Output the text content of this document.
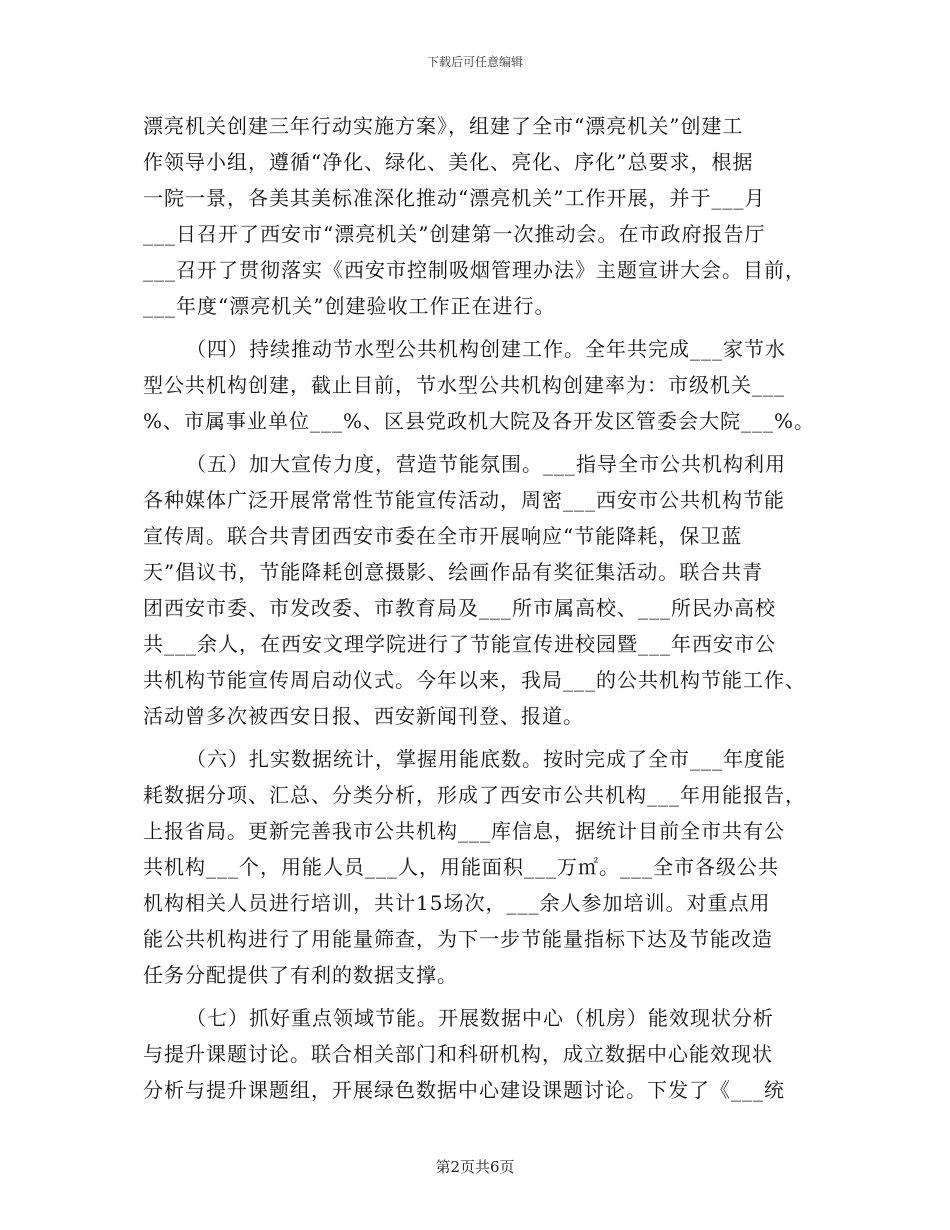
下载后可任意编辑
漂亮机关创建三年行动实施方案》，组建了全市“漂亮机关”创建工
作领导小组，遵循“净化、绿化、美化、亮化、序化”总要求，根据
一院一景，各美其美标准深化推动“漂亮机关”工作开展，并于___月
___日召开了西安市“漂亮机关”创建第一次推动会。在市政府报告厅
___召开了贯彻落实《西安市控制吸烟管理办法》主题宣讲大会。目前，
___年度“漂亮机关”创建验收工作正在进行。
（四）持续推动节水型公共机构创建工作。全年共完成___家节水
型公共机构创建，截止目前，节水型公共机构创建率为：市级机关___
%、市属事业单位___%、区县党政机大院及各开发区管委会大院___%。
（五）加大宣传力度，营造节能氛围。___指导全市公共机构利用
各种媒体广泛开展常常性节能宣传活动，周密___西安市公共机构节能
宣传周。联合共青团西安市委在全市开展响应“节能降耗，保卫蓝
天”倡议书，节能降耗创意摄影、绘画作品有奖征集活动。联合共青
团西安市委、市发改委、市教育局及___所市属高校、___所民办高校
共___余人，在西安文理学院进行了节能宣传进校园暨___年西安市公
共机构节能宣传周启动仪式。今年以来，我局___的公共机构节能工作、
活动曾多次被西安日报、西安新闻刊登、报道。
（六）扎实数据统计，掌握用能底数。按时完成了全市___年度能
耗数据分项、汇总、分类分析，形成了西安市公共机构___年用能报告，
上报省局。更新完善我市公共机构___库信息，据统计目前全市共有公
共机构___个，用能人员___人，用能面积___万㎡。___全市各级公共
机构相关人员进行培训，共计15场次，___余人参加培训。对重点用
能公共机构进行了用能量筛查，为下一步节能量指标下达及节能改造
任务分配提供了有利的数据支撑。
（七）抓好重点领域节能。开展数据中心（机房）能效现状分析
与提升课题讨论。联合相关部门和科研机构，成立数据中心能效现状
分析与提升课题组，开展绿色数据中心建设课题讨论。下发了《___统
第2页共6页
